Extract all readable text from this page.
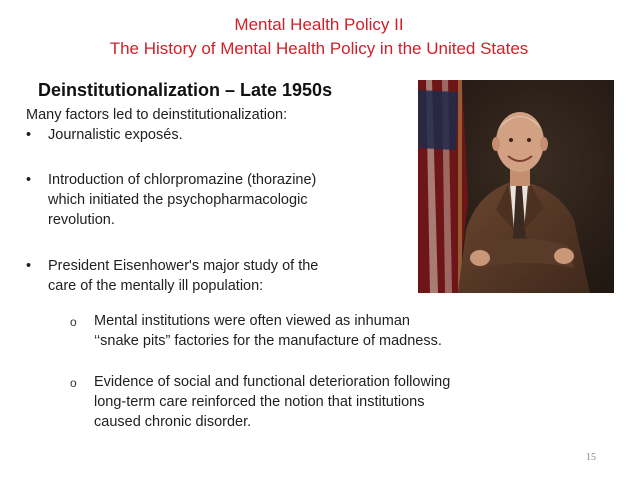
Mental Health Policy II
The History of Mental Health Policy in the United States
Deinstitutionalization – Late 1950s
Many factors led to deinstitutionalization:
• Journalistic exposés.
• Introduction of chlorpromazine (thorazine)
which initiated the psychopharmacologic
revolution.
• President Eisenhower's major study of the
care of the mentally ill population:
o Mental institutions were often viewed as inhuman
‘‘snake pits” factories for the manufacture of madness.
o Evidence of social and functional deterioration following
long-term care reinforced the notion that institutions
caused chronic disorder.
15
